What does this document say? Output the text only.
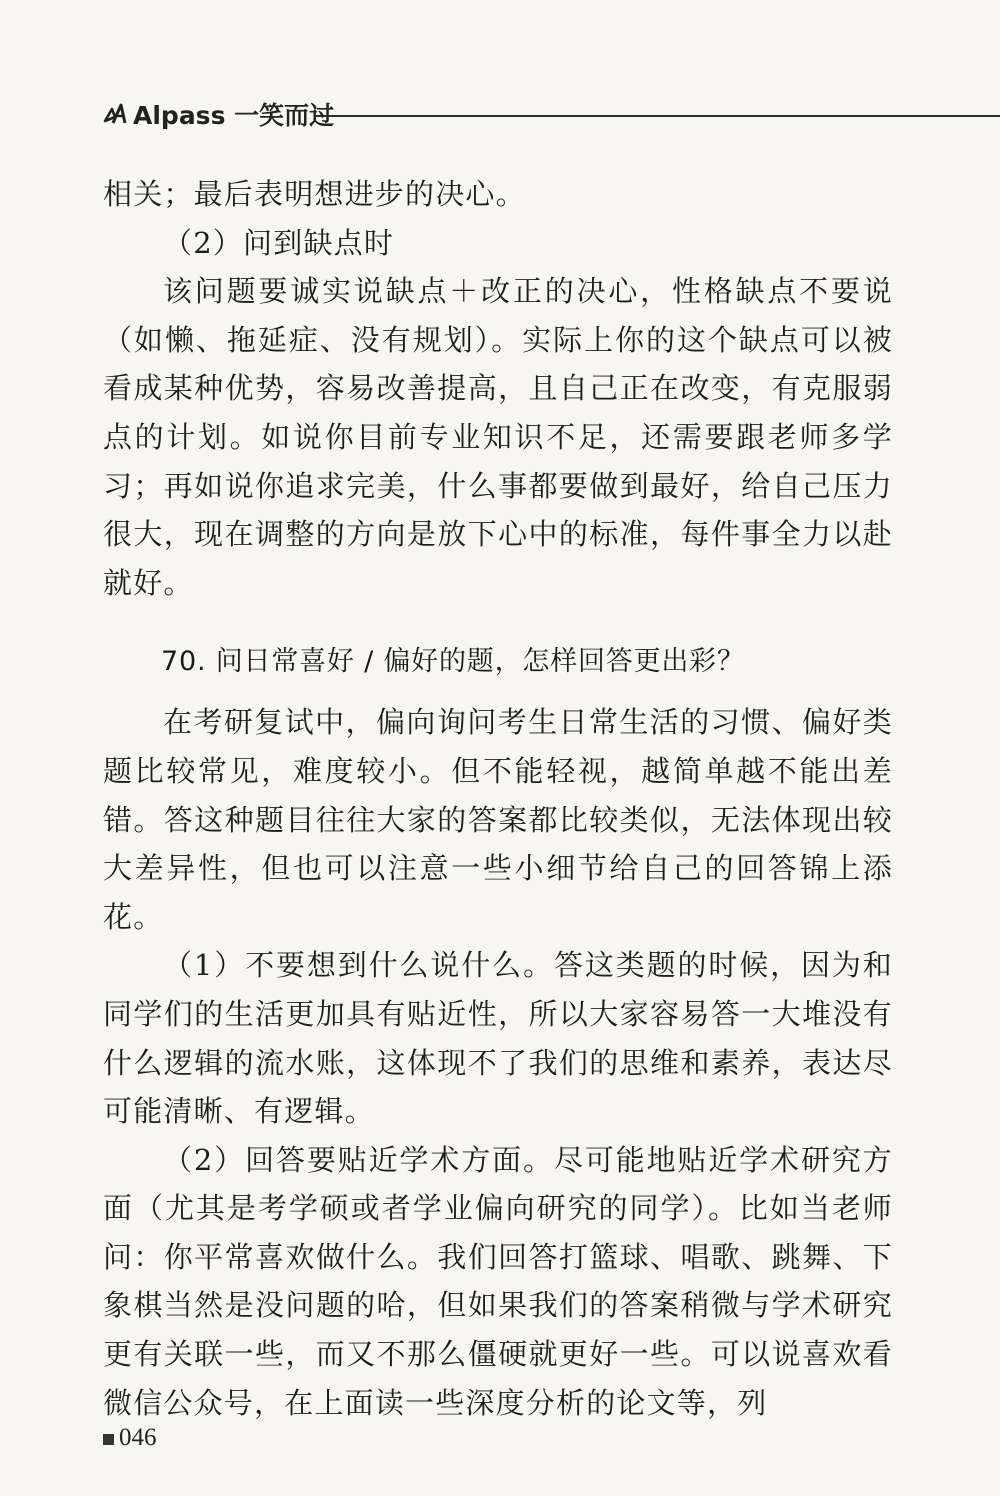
Alpass 一笑而过

相关；最后表明想进步的决心。

（2）问到缺点时

该问题要诚实说缺点＋改正的决心，性格缺点不要说（如懒、拖延症、没有规划）。实际上你的这个缺点可以被看成某种优势，容易改善提高，且自己正在改变，有克服弱点的计划。如说你目前专业知识不足，还需要跟老师多学习；再如说你追求完美，什么事都要做到最好，给自己压力很大，现在调整的方向是放下心中的标准，每件事全力以赴就好。

70. 问日常喜好 / 偏好的题，怎样回答更出彩？

在考研复试中，偏向询问考生日常生活的习惯、偏好类题比较常见，难度较小。但不能轻视，越简单越不能出差错。答这种题目往往大家的答案都比较类似，无法体现出较大差异性，但也可以注意一些小细节给自己的回答锦上添花。

（1）不要想到什么说什么。答这类题的时候，因为和同学们的生活更加具有贴近性，所以大家容易答一大堆没有什么逻辑的流水账，这体现不了我们的思维和素养，表达尽可能清晰、有逻辑。

（2）回答要贴近学术方面。尽可能地贴近学术研究方面（尤其是考学硕或者学业偏向研究的同学）。比如当老师问：你平常喜欢做什么。我们回答打篮球、唱歌、跳舞、下象棋当然是没问题的哈，但如果我们的答案稍微与学术研究更有关联一些，而又不那么僵硬就更好一些。可以说喜欢看微信公众号，在上面读一些深度分析的论文等，列

046
